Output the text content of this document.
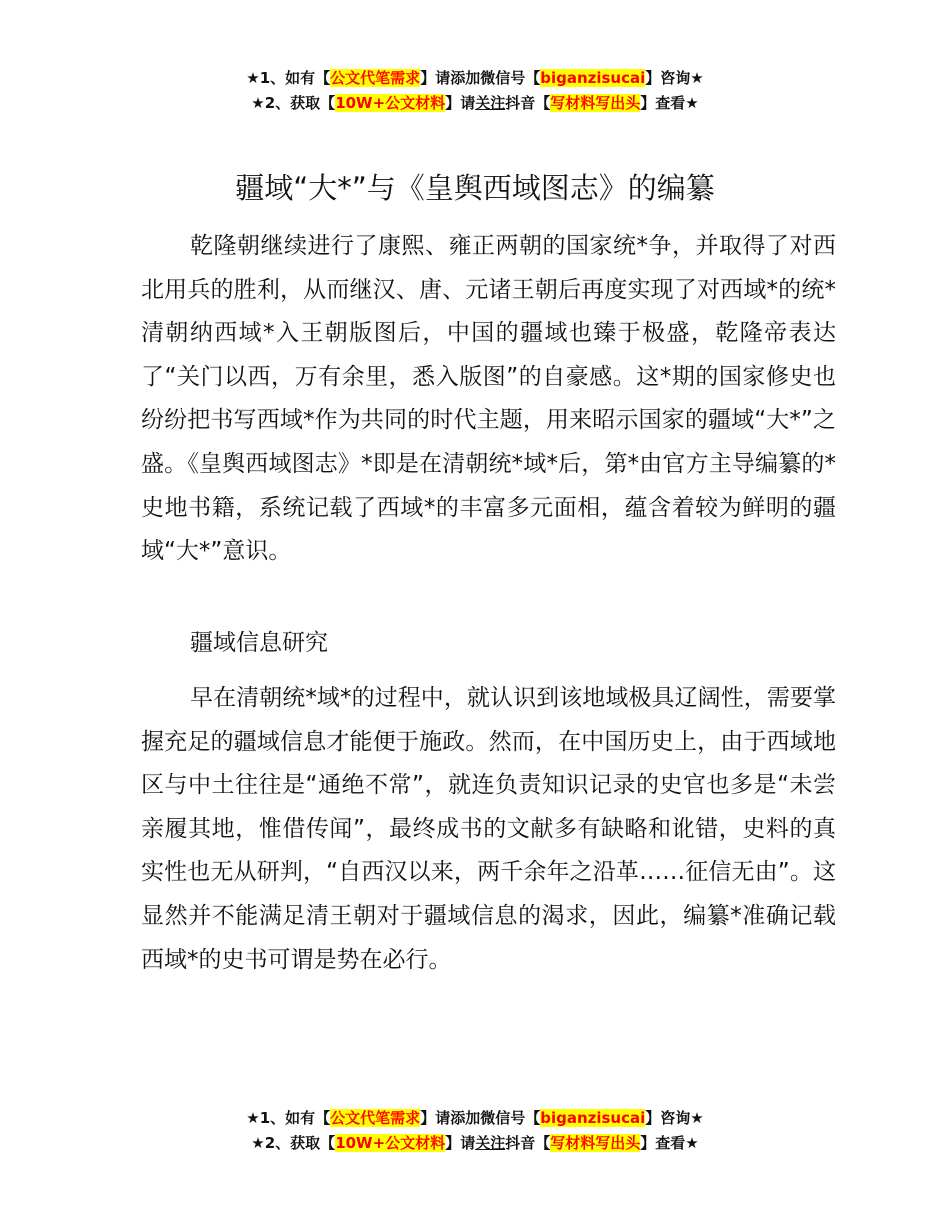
★1、如有【公文代笔需求】请添加微信号【biganzisucai】咨询★
★2、获取【10W+公文材料】请关注抖音【写材料写出头】查看★
疆域“大*”与《皇舆西域图志》的编纂

乾隆朝继续进行了康熙、雍正两朝的国家统*争，并取得了对西北用兵的胜利，从而继汉、唐、元诸王朝后再度实现了对西域*的统*清朝纳西域*入王朝版图后，中国的疆域也臻于极盛，乾隆帝表达了“关门以西，万有余里，悉入版图”的自豪感。这*期的国家修史也纷纷把书写西域*作为共同的时代主题，用来昭示国家的疆域“大*”之盛。《皇舆西域图志》*即是在清朝统*域*后，第*由官方主导编纂的*史地书籍，系统记载了西域*的丰富多元面相，蕴含着较为鲜明的疆域“大*”意识。

疆域信息研究

早在清朝统*域*的过程中，就认识到该地域极具辽阔性，需要掌握充足的疆域信息才能便于施政。然而，在中国历史上，由于西域地区与中土往往是“通绝不常”，就连负责知识记录的史官也多是“未尝亲履其地，惟借传闻”，最终成书的文献多有缺略和讹错，史料的真实性也无从研判，“自西汉以来，两千余年之沿革……征信无由”。这显然并不能满足清王朝对于疆域信息的渴求，因此，编纂*准确记载西域*的史书可谓是势在必行。

★1、如有【公文代笔需求】请添加微信号【biganzisucai】咨询★
★2、获取【10W+公文材料】请关注抖音【写材料写出头】查看★
